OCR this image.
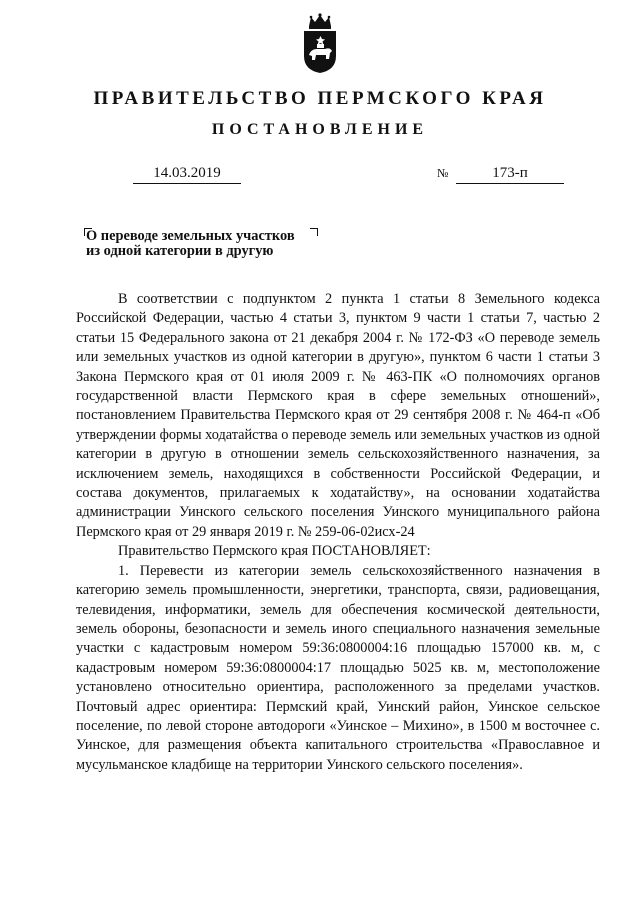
ПРАВИТЕЛЬСТВО ПЕРМСКОГО КРАЯ
ПОСТАНОВЛЕНИЕ
14.03.2019	№	173-п
О переводе земельных участков
из одной категории в другую

В соответствии с подпунктом 2 пункта 1 статьи 8 Земельного кодекса Российской Федерации, частью 4 статьи 3, пунктом 9 части 1 статьи 7, частью 2 статьи 15 Федерального закона от 21 декабря 2004 г. № 172-ФЗ «О переводе земель или земельных участков из одной категории в другую», пунктом 6 части 1 статьи 3 Закона Пермского края от 01 июля 2009 г. № 463-ПК «О полномочиях органов государственной власти Пермского края в сфере земельных отношений», постановлением Правительства Пермского края от 29 сентября 2008 г. № 464-п «Об утверждении формы ходатайства о переводе земель или земельных участков из одной категории в другую в отношении земель сельскохозяйственного назначения, за исключением земель, находящихся в собственности Российской Федерации, и состава документов, прилагаемых к ходатайству», на основании ходатайства администрации Уинского сельского поселения Уинского муниципального района Пермского края от 29 января 2019 г. № 259-06-02исх-24

Правительство Пермского края ПОСТАНОВЛЯЕТ:

1. Перевести из категории земель сельскохозяйственного назначения в категорию земель промышленности, энергетики, транспорта, связи, радиовещания, телевидения, информатики, земель для обеспечения космической деятельности, земель обороны, безопасности и земель иного специального назначения земельные участки с кадастровым номером 59:36:0800004:16 площадью 157000 кв. м, с кадастровым номером 59:36:0800004:17 площадью 5025 кв. м, местоположение установлено относительно ориентира, расположенного за пределами участков. Почтовый адрес ориентира: Пермский край, Уинский район, Уинское сельское поселение, по левой стороне автодороги «Уинское – Михино», в 1500 м восточнее с. Уинское, для размещения объекта капитального строительства «Православное и мусульманское кладбище на территории Уинского сельского поселения».
